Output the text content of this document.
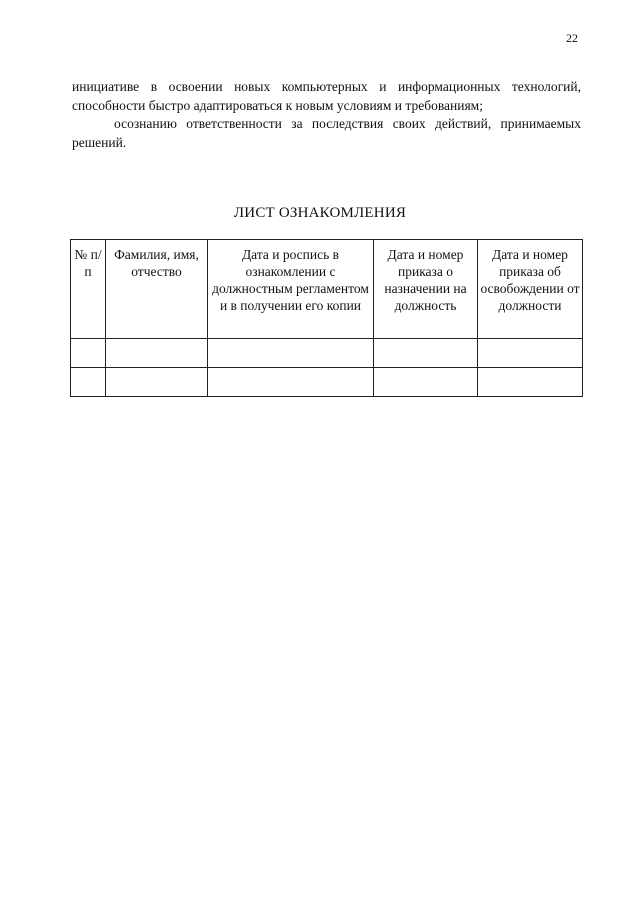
22

инициативе в освоении новых компьютерных и информационных технологий, способности быстро адаптироваться к новым условиям и требованиям;

осознанию ответственности за последствия своих действий, принимаемых решений.

ЛИСТ ОЗНАКОМЛЕНИЯ
№ п/п	Фамилия, имя, отчество	Дата и роспись в ознакомлении с должностным регламентом и в получении его копии	Дата и номер приказа о назначении на должность	Дата и номер приказа об освобождении от должности
